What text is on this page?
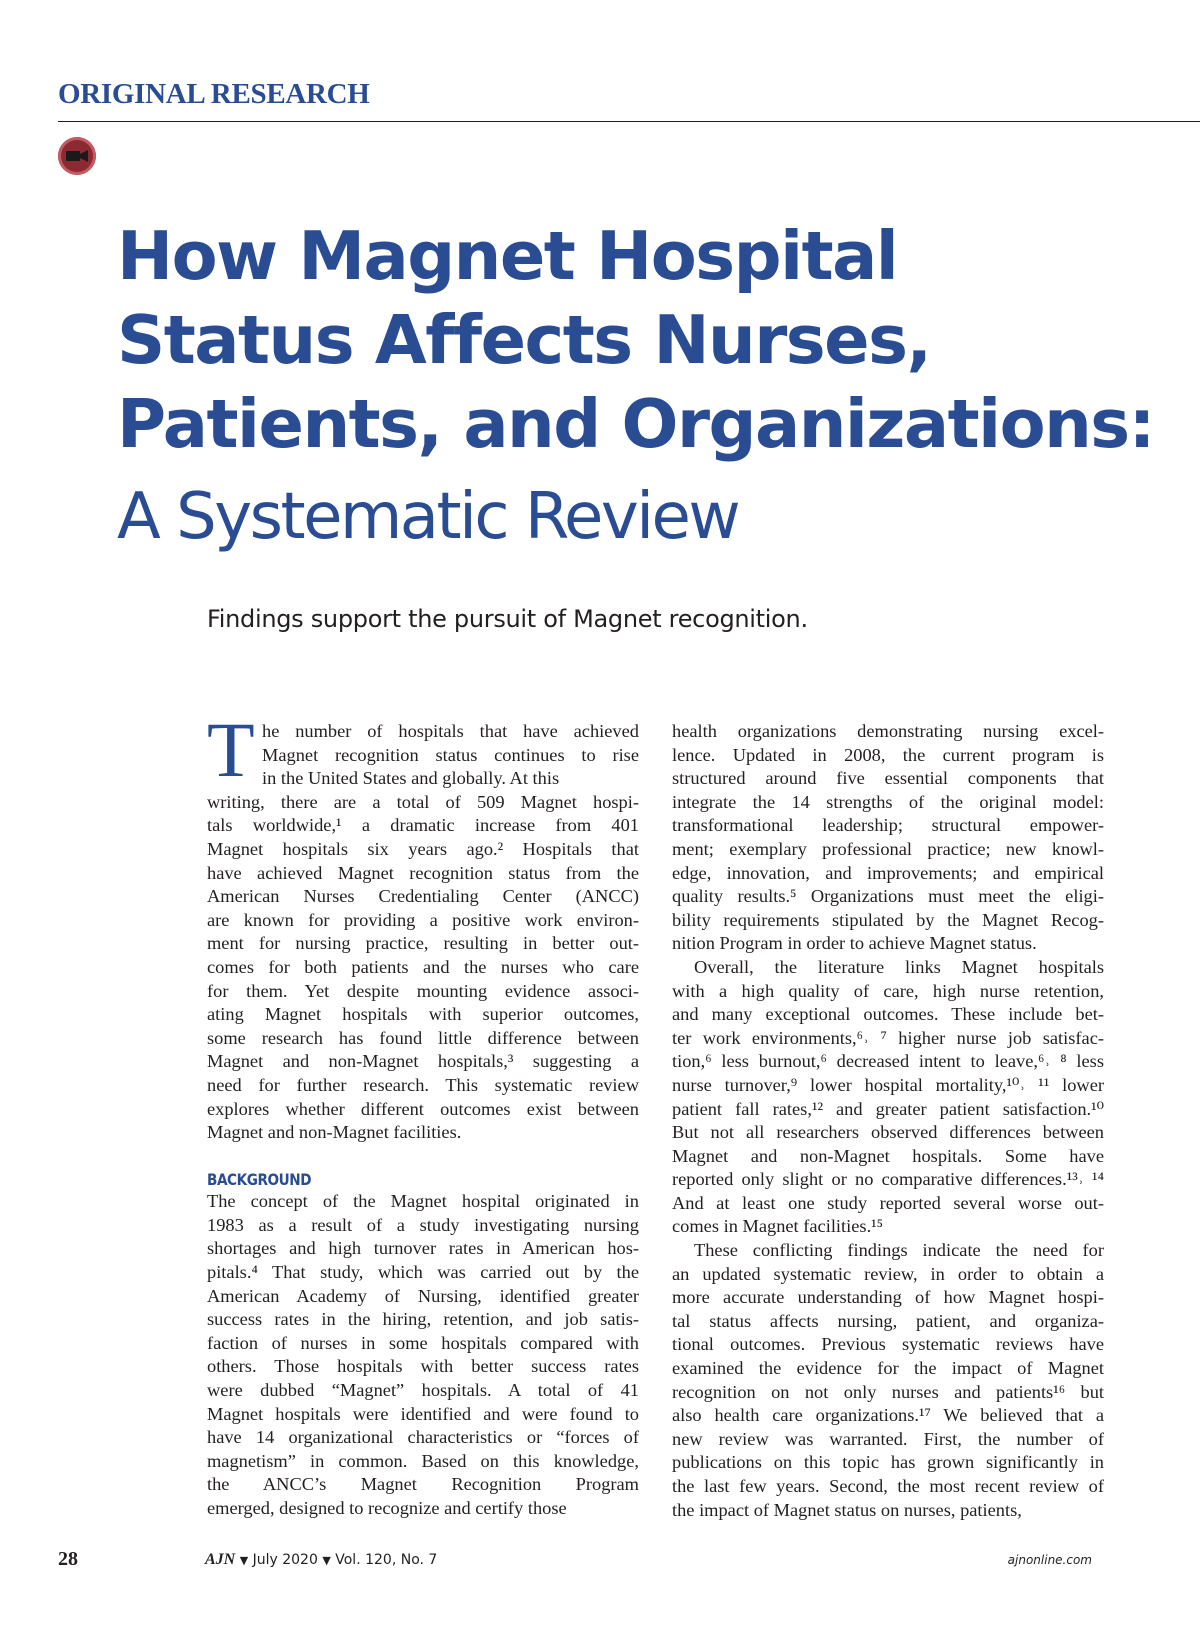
ORIGINAL RESEARCH
How Magnet Hospital
Status Affects Nurses,
Patients, and Organizations:
A Systematic Review
Findings support the pursuit of Magnet recognition.
T he number of hospitals that have achieved
Magnet recognition status continues to rise
in the United States and globally. At this
writing, there are a total of 509 Magnet hospi-
tals worldwide,¹ a dramatic increase from 401
Magnet hospitals six years ago.² Hospitals that
have achieved Magnet recognition status from the
American Nurses Credentialing Center (ANCC)
are known for providing a positive work environ-
ment for nursing practice, resulting in better out-
comes for both patients and the nurses who care
for them. Yet despite mounting evidence associ-
ating Magnet hospitals with superior outcomes,
some research has found little difference between
Magnet and non-Magnet hospitals,³ suggesting a
need for further research. This systematic review
explores whether different outcomes exist between
Magnet and non-Magnet facilities.
BACKGROUND
The concept of the Magnet hospital originated in
1983 as a result of a study investigating nursing
shortages and high turnover rates in American hos-
pitals.⁴ That study, which was carried out by the
American Academy of Nursing, identified greater
success rates in the hiring, retention, and job satis-
faction of nurses in some hospitals compared with
others. Those hospitals with better success rates
were dubbed “Magnet” hospitals. A total of 41
Magnet hospitals were identified and were found to
have 14 organizational characteristics or “forces of
magnetism” in common. Based on this knowledge,
the ANCC’s Magnet Recognition Program
emerged, designed to recognize and certify those
health organizations demonstrating nursing excel-
lence. Updated in 2008, the current program is
structured around five essential components that
integrate the 14 strengths of the original model:
transformational leadership; structural empower-
ment; exemplary professional practice; new knowl-
edge, innovation, and improvements; and empirical
quality results.⁵ Organizations must meet the eligi-
bility requirements stipulated by the Magnet Recog-
nition Program in order to achieve Magnet status.
Overall, the literature links Magnet hospitals
with a high quality of care, high nurse retention,
and many exceptional outcomes. These include bet-
ter work environments,⁶˒ ⁷ higher nurse job satisfac-
tion,⁶ less burnout,⁶ decreased intent to leave,⁶˒ ⁸ less
nurse turnover,⁹ lower hospital mortality,¹⁰˒ ¹¹ lower
patient fall rates,¹² and greater patient satisfaction.¹⁰
But not all researchers observed differences between
Magnet and non-Magnet hospitals. Some have
reported only slight or no comparative differences.¹³˒ ¹⁴
And at least one study reported several worse out-
comes in Magnet facilities.¹⁵
These conflicting findings indicate the need for
an updated systematic review, in order to obtain a
more accurate understanding of how Magnet hospi-
tal status affects nursing, patient, and organiza-
tional outcomes. Previous systematic reviews have
examined the evidence for the impact of Magnet
recognition on not only nurses and patients¹⁶ but
also health care organizations.¹⁷ We believed that a
new review was warranted. First, the number of
publications on this topic has grown significantly in
the last few years. Second, the most recent review of
the impact of Magnet status on nurses, patients,
28	AJN ▼ July 2020 ▼ Vol. 120, No. 7	ajnonline.com
